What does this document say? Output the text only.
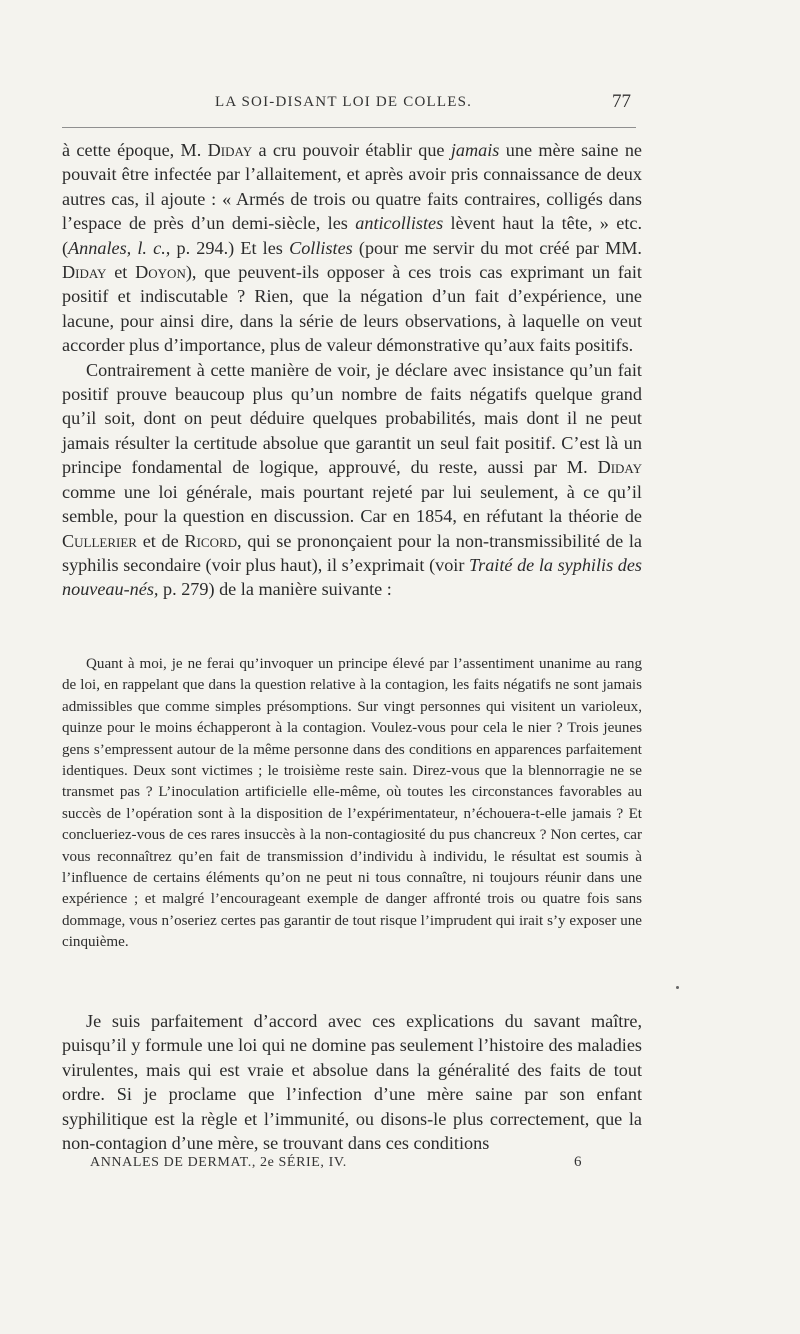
LA SOI-DISANT LOI DE COLLES.	77

à cette époque, M. Diday a cru pouvoir établir que jamais une mère saine ne pouvait être infectée par l’allaitement, et après avoir pris connaissance de deux autres cas, il ajoute : « Armés de trois ou quatre faits contraires, colligés dans l’espace de près d’un demi-siècle, les anticollistes lèvent haut la tête, » etc. (Annales, l. c., p. 294.) Et les Collistes (pour me servir du mot créé par MM. Diday et Doyon), que peuvent-ils opposer à ces trois cas exprimant un fait positif et indiscutable ? Rien, que la négation d’un fait d’expérience, une lacune, pour ainsi dire, dans la série de leurs observations, à laquelle on veut accorder plus d’importance, plus de valeur démonstrative qu’aux faits positifs.

Contrairement à cette manière de voir, je déclare avec insistance qu’un fait positif prouve beaucoup plus qu’un nombre de faits négatifs quelque grand qu’il soit, dont on peut déduire quelques probabilités, mais dont il ne peut jamais résulter la certitude absolue que garantit un seul fait positif. C’est là un principe fondamental de logique, approuvé, du reste, aussi par M. Diday comme une loi générale, mais pourtant rejeté par lui seulement, à ce qu’il semble, pour la question en discussion. Car en 1854, en réfutant la théorie de Cullerier et de Ricord, qui se prononçaient pour la non-transmissibilité de la syphilis secondaire (voir plus haut), il s’exprimait (voir Traité de la syphilis des nouveau-nés, p. 279) de la manière suivante :

Quant à moi, je ne ferai qu’invoquer un principe élevé par l’assentiment unanime au rang de loi, en rappelant que dans la question relative à la contagion, les faits négatifs ne sont jamais admissibles que comme simples présomptions. Sur vingt personnes qui visitent un varioleux, quinze pour le moins échapperont à la contagion. Voulez-vous pour cela le nier ? Trois jeunes gens s’empressent autour de la même personne dans des conditions en apparences parfaitement identiques. Deux sont victimes ; le troisième reste sain. Direz-vous que la blennorragie ne se transmet pas ? L’inoculation artificielle elle-même, où toutes les circonstances favorables au succès de l’opération sont à la disposition de l’expérimentateur, n’échouera-t-elle jamais ? Et conclueriez-vous de ces rares insuccès à la non-contagiosité du pus chancreux ? Non certes, car vous reconnaîtrez qu’en fait de transmission d’individu à individu, le résultat est soumis à l’influence de certains éléments qu’on ne peut ni tous connaître, ni toujours réunir dans une expérience ; et malgré l’encourageant exemple de danger affronté trois ou quatre fois sans dommage, vous n’oseriez certes pas garantir de tout risque l’imprudent qui irait s’y exposer une cinquième.

Je suis parfaitement d’accord avec ces explications du savant maître, puisqu’il y formule une loi qui ne domine pas seulement l’histoire des maladies virulentes, mais qui est vraie et absolue dans la généralité des faits de tout ordre. Si je proclame que l’infection d’une mère saine par son enfant syphilitique est la règle et l’immunité, ou disons-le plus correctement, que la non-contagion d’une mère, se trouvant dans ces conditions

ANNALES DE DERMAT., 2e SÉRIE, IV.	6
